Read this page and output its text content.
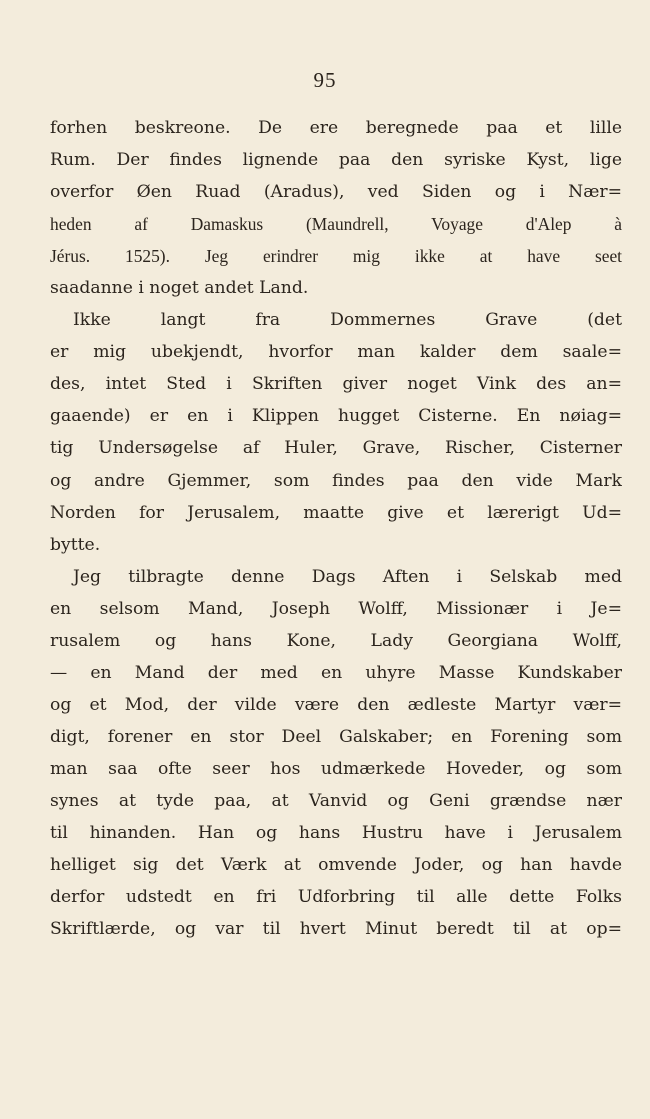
95
forhen beskreone. De ere beregnede paa et lille
Rum. Der findes lignende paa den syriske Kyst, lige
overfor Øen Ruad (Aradus), ved Siden og i Nær=
heden af Damaskus (Maundrell, Voyage d'Alep à
Jérus. 1525). Jeg erindrer mig ikke at have seet
saadanne i noget andet Land.
Ikke langt fra Dommernes Grave (det
er mig ubekjendt, hvorfor man kalder dem saale=
des, intet Sted i Skriften giver noget Vink des an=
gaaende) er en i Klippen hugget Cisterne. En nøiag=
tig Undersøgelse af Huler, Grave, Rischer, Cisterner
og andre Gjemmer, som findes paa den vide Mark
Norden for Jerusalem, maatte give et lærerigt Ud=
bytte.
Jeg tilbragte denne Dags Aften i Selskab med
en selsom Mand, Joseph Wolff, Missionær i Je=
rusalem og hans Kone, Lady Georgiana Wolff,
— en Mand der med en uhyre Masse Kundskaber
og et Mod, der vilde være den ædleste Martyr vær=
digt, forener en stor Deel Galskaber; en Forening som
man saa ofte seer hos udmærkede Hoveder, og som
synes at tyde paa, at Vanvid og Geni grændse nær
til hinanden. Han og hans Hustru have i Jerusalem
helliget sig det Værk at omvende Joder, og han havde
derfor udstedt en fri Udforbring til alle dette Folks
Skriftlærde, og var til hvert Minut beredt til at op=
